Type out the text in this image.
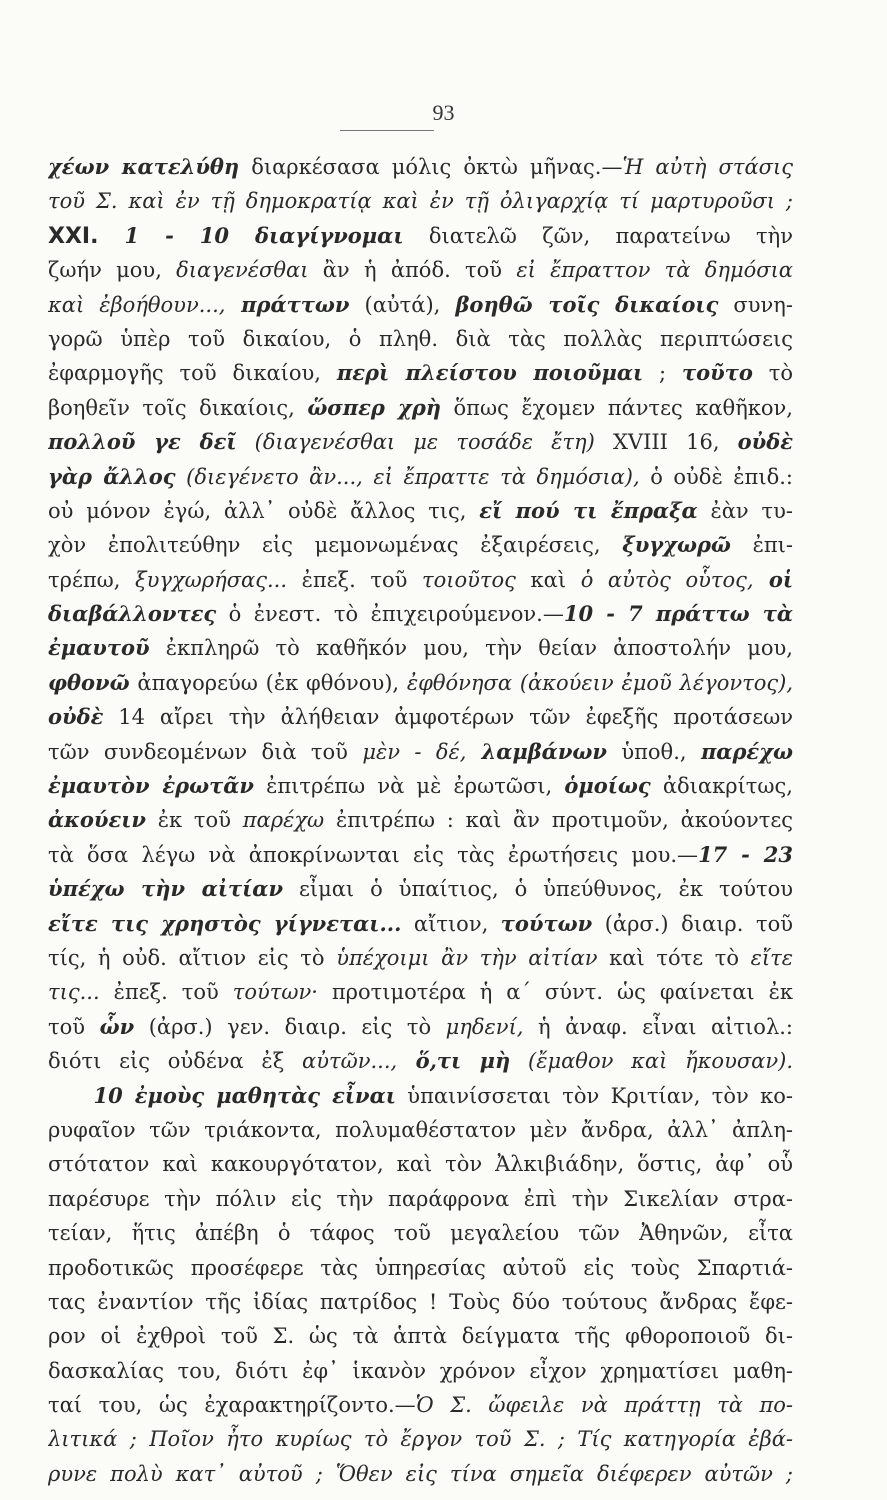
93
χέων κατελύθη διαρκέσασα μόλις ὀκτὼ μῆνας.—Ἡ αὐτὴ στάσις
τοῦ Σ. καὶ ἐν τῇ δημοκρατίᾳ καὶ ἐν τῇ ὀλιγαρχίᾳ τί μαρτυροῦσι ;
XXI. 1 - 10 διαγίγνομαι διατελῶ ζῶν, παρατείνω τὴν
ζωήν μου, διαγενέσθαι ἂν ἡ ἀπόδ. τοῦ εἰ ἔπραττον τὰ δημόσια
καὶ ἐβοήθουν..., πράττων (αὐτά), βοηθῶ τοῖς δικαίοις συνη-
γορῶ ὑπὲρ τοῦ δικαίου, ὁ πληθ. διὰ τὰς πολλὰς περιπτώσεις
ἐφαρμογῆς τοῦ δικαίου, περὶ πλείστου ποιοῦμαι ; τοῦτο τὸ
βοηθεῖν τοῖς δικαίοις, ὥσπερ χρὴ ὅπως ἔχομεν πάντες καθῆκον,
πολλοῦ γε δεῖ (διαγενέσθαι με τοσάδε ἔτη) XVIII 16, οὐδὲ
γὰρ ἄλλος (διεγένετο ἂν..., εἰ ἔπραττε τὰ δημόσια), ὁ οὐδὲ ἐπιδ.:
οὐ μόνον ἐγώ, ἀλλ᾽ οὐδὲ ἄλλος τις, εἴ πού τι ἔπραξα ἐὰν τυ-
χὸν ἐπολιτεύθην εἰς μεμονωμένας ἐξαιρέσεις, ξυγχωρῶ ἐπι-
τρέπω, ξυγχωρήσας... ἐπεξ. τοῦ τοιοῦτος καὶ ὁ αὐτὸς οὗτος, οἱ
διαβάλλοντες ὁ ἐνεστ. τὸ ἐπιχειρούμενον.—10 - 7 πράττω τὰ
ἐμαυτοῦ ἐκπληρῶ τὸ καθῆκόν μου, τὴν θείαν ἀποστολήν μου,
φθονῶ ἀπαγορεύω (ἐκ φθόνου), ἐφθόνησα (ἀκούειν ἐμοῦ λέγοντος),
οὐδὲ 14 αἴρει τὴν ἀλήθειαν ἀμφοτέρων τῶν ἐφεξῆς προτάσεων
τῶν συνδεομένων διὰ τοῦ μὲν - δέ, λαμβάνων ὑποθ., παρέχω
ἐμαυτὸν ἐρωτᾶν ἐπιτρέπω νὰ μὲ ἐρωτῶσι, ὁμοίως ἀδιακρίτως,
ἀκούειν ἐκ τοῦ παρέχω ἐπιτρέπω : καὶ ἂν προτιμοῦν, ἀκούοντες
τὰ ὅσα λέγω νὰ ἀποκρίνωνται εἰς τὰς ἐρωτήσεις μου.—17 - 23
ὑπέχω τὴν αἰτίαν εἶμαι ὁ ὑπαίτιος, ὁ ὑπεύθυνος, ἐκ τούτου
εἴτε τις χρηστὸς γίγνεται... αἴτιον, τούτων (ἀρσ.) διαιρ. τοῦ
τίς, ἡ οὐδ. αἴτιον εἰς τὸ ὑπέχοιμι ἂν τὴν αἰτίαν καὶ τότε τὸ εἴτε
τις... ἐπεξ. τοῦ τούτων· προτιμοτέρα ἡ α΄ σύντ. ὡς φαίνεται ἐκ
τοῦ ὧν (ἀρσ.) γεν. διαιρ. εἰς τὸ μηδενί, ἡ ἀναφ. εἶναι αἰτιολ.:
διότι εἰς οὐδένα ἐξ αὐτῶν..., ὅ,τι μὴ (ἔμαθον καὶ ἤκουσαν).
10 ἐμοὺς μαθητὰς εἶναι ὑπαινίσσεται τὸν Κριτίαν, τὸν κο-
ρυφαῖον τῶν τριάκοντα, πολυμαθέστατον μὲν ἄνδρα, ἀλλ᾽ ἀπλη-
στότατον καὶ κακουργότατον, καὶ τὸν Ἀλκιβιάδην, ὅστις, ἀφ᾽ οὗ
παρέσυρε τὴν πόλιν εἰς τὴν παράφρονα ἐπὶ τὴν Σικελίαν στρα-
τείαν, ἥτις ἀπέβη ὁ τάφος τοῦ μεγαλείου τῶν Ἀθηνῶν, εἶτα
προδοτικῶς προσέφερε τὰς ὑπηρεσίας αὐτοῦ εἰς τοὺς Σπαρτιά-
τας ἐναντίον τῆς ἰδίας πατρίδος ! Τοὺς δύο τούτους ἄνδρας ἔφε-
ρον οἱ ἐχθροὶ τοῦ Σ. ὡς τὰ ἁπτὰ δείγματα τῆς φθοροποιοῦ δι-
δασκαλίας του, διότι ἐφ᾽ ἱκανὸν χρόνον εἶχον χρηματίσει μαθη-
ταί του, ὡς ἐχαρακτηρίζοντο.—Ὁ Σ. ὤφειλε νὰ πράττῃ τὰ πο-
λιτικά ; Ποῖον ἦτο κυρίως τὸ ἔργον τοῦ Σ. ; Τίς κατηγορία ἐβά-
ρυνε πολὺ κατ᾽ αὐτοῦ ; Ὅθεν εἰς τίνα σημεῖα διέφερεν αὐτῶν ;
